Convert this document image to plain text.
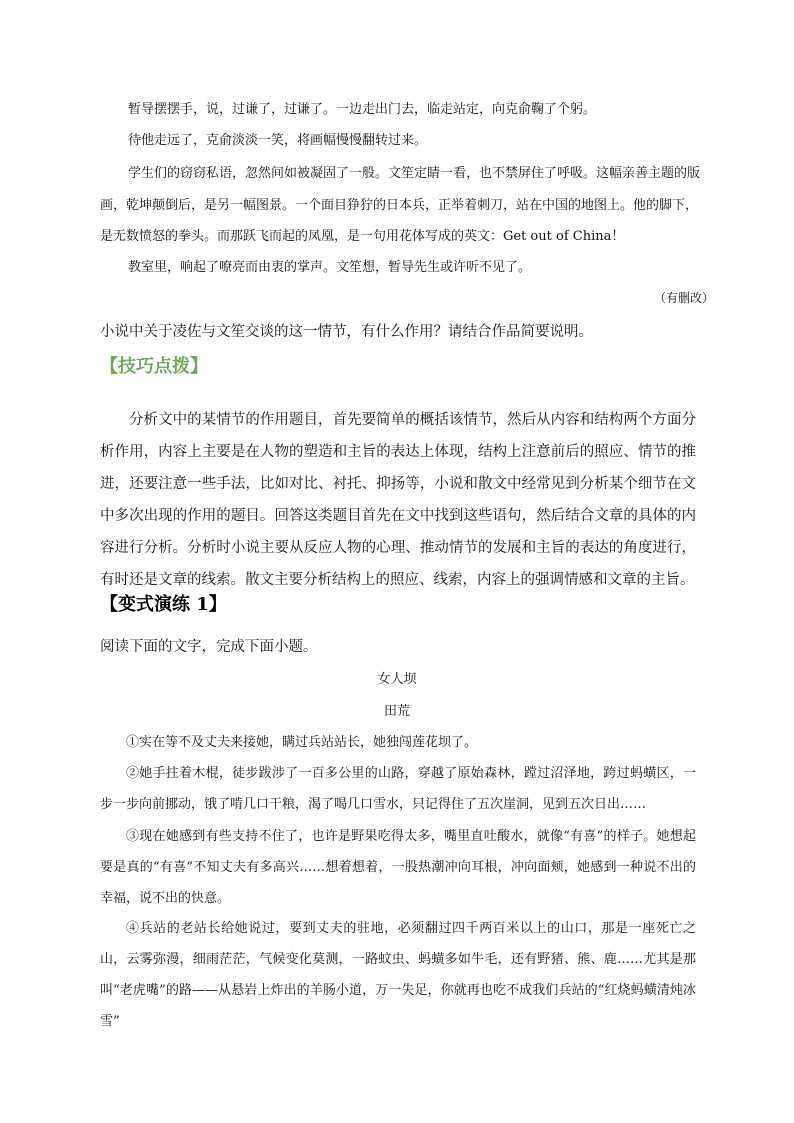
暂导摆摆手，说，过谦了，过谦了。一边走出门去，临走站定，向克俞鞠了个躬。
待他走远了，克俞淡淡一笑，将画幅慢慢翻转过来。
学生们的窃窃私语，忽然间如被凝固了一般。文笙定睛一看，也不禁屏住了呼吸。这幅亲善主题的版
画，乾坤颠倒后，是另一幅图景。一个面目狰狞的日本兵，正举着刺刀，站在中国的地图上。他的脚下，
是无数愤怒的拳头。而那跃飞而起的凤凰，是一句用花体写成的英文：Get out of China！
教室里，响起了嘹亮而由衷的掌声。文笙想，暂导先生或许听不见了。
（有删改）
小说中关于凌佐与文笙交谈的这一情节，有什么作用？请结合作品简要说明。
【技巧点拨】
分析文中的某情节的作用题目，首先要简单的概括该情节，然后从内容和结构两个方面分析作用，内容上主要是在人物的塑造和主旨的表达上体现，结构上注意前后的照应、情节的推进，还要注意一些手法，比如对比、衬托、抑扬等，小说和散文中经常见到分析某个细节在文中多次出现的作用的题目。回答这类题目首先在文中找到这些语句，然后结合文章的具体的内容进行分析。分析时小说主要从反应人物的心理、推动情节的发展和主旨的表达的角度进行，有时还是文章的线索。散文主要分析结构上的照应、线索，内容上的强调情感和文章的主旨。
【变式演练 1】
阅读下面的文字，完成下面小题。
女人坝
田荒
①实在等不及丈夫来接她，瞒过兵站站长，她独闯莲花坝了。
②她手拄着木棍，徒步跋涉了一百多公里的山路，穿越了原始森林，蹚过沼泽地，跨过蚂蟥区，一步一步向前挪动，饿了啃几口干粮，渴了喝几口雪水，只记得住了五次崖洞，见到五次日出……
③现在她感到有些支持不住了，也许是野果吃得太多，嘴里直吐酸水，就像“有喜”的样子。她想起要是真的“有喜”不知丈夫有多高兴……想着想着，一股热潮冲向耳根，冲向面颊，她感到一种说不出的幸福，说不出的快意。
④兵站的老站长给她说过，要到丈夫的驻地，必须翻过四千两百米以上的山口，那是一座死亡之山，云雾弥漫，细雨茫茫，气候变化莫测，一路蚊虫、蚂蟥多如牛毛，还有野猪、熊、鹿……尤其是那叫“老虎嘴”的路——从悬岩上炸出的羊肠小道，万一失足，你就再也吃不成我们兵站的“红烧蚂蟥清炖冰雪”
